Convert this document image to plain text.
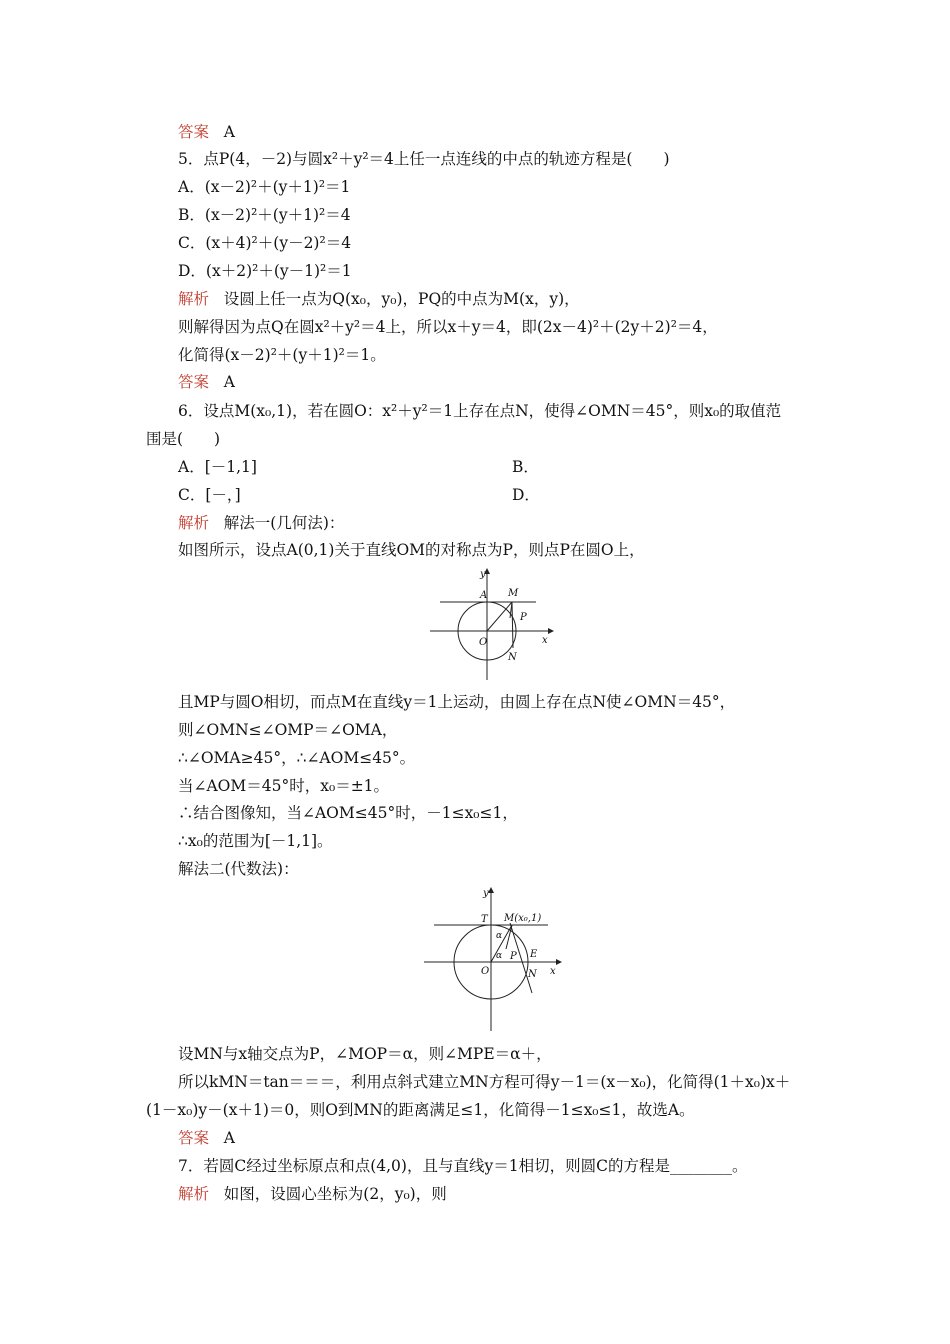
答案 A
5．点P(4，－2)与圆x²＋y²＝4上任一点连线的中点的轨迹方程是(　　)
A．(x－2)²＋(y＋1)²＝1
B．(x－2)²＋(y＋1)²＝4
C．(x＋4)²＋(y－2)²＝4
D．(x＋2)²＋(y－1)²＝1
解析 设圆上任一点为Q(x₀，y₀)，PQ的中点为M(x，y)，
则解得因为点Q在圆x²＋y²＝4上，所以x＋y＝4，即(2x－4)²＋(2y＋2)²＝4，
化简得(x－2)²＋(y＋1)²＝1。
答案 A
6．设点M(x₀,1)，若在圆O：x²＋y²＝1上存在点N，使得∠OMN＝45°，则x₀的取值范
围是(　　)
A．[－1,1]	B．
C．[－，]	D．
解析 解法一(几何法)：
如图所示，设点A(0,1)关于直线OM的对称点为P，则点P在圆O上，
y
x
A M
P
O
N
且MP与圆O相切，而点M在直线y＝1上运动，由圆上存在点N使∠OMN＝45°，
则∠OMN≤∠OMP＝∠OMA，
∴∠OMA≥45°，∴∠AOM≤45°。
当∠AOM＝45°时，x₀＝±1。
∴结合图像知，当∠AOM≤45°时，－1≤x₀≤1，
∴x₀的范围为[－1,1]。
解法二(代数法)：
y
x
T M(x₀,1)
α
α
O
P E
N
设MN与x轴交点为P，∠MOP＝α，则∠MPE＝α＋，
所以kMN＝tan＝＝＝，利用点斜式建立MN方程可得y－1＝(x－x₀)，化简得(1＋x₀)x＋
(1－x₀)y－(x＋1)＝0，则O到MN的距离满足≤1，化简得－1≤x₀≤1，故选A。
答案 A
7．若圆C经过坐标原点和点(4,0)，且与直线y＝1相切，则圆C的方程是________。
解析 如图，设圆心坐标为(2，y₀)，则
